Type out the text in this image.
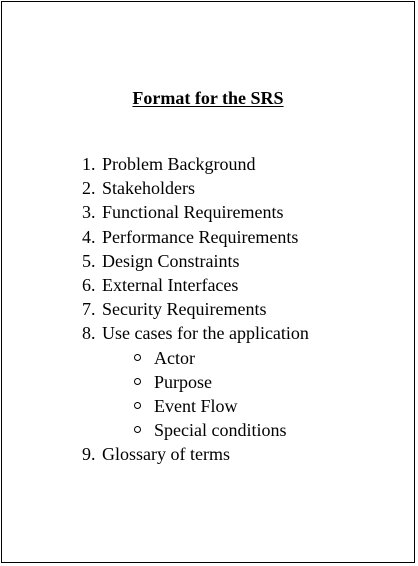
Format for the SRS
1. Problem Background
2. Stakeholders
3. Functional Requirements
4. Performance Requirements
5. Design Constraints
6. External Interfaces
7. Security Requirements
8. Use cases for the application
Actor
Purpose
Event Flow
Special conditions
9. Glossary of terms
